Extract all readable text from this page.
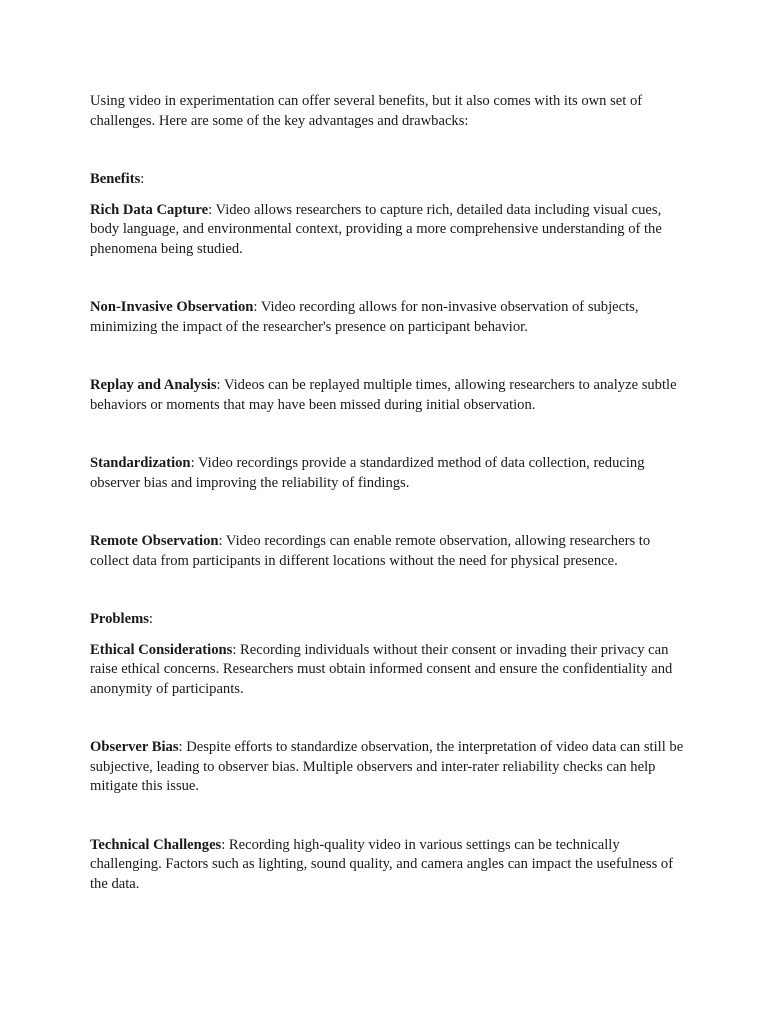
Using video in experimentation can offer several benefits, but it also comes with its own set of challenges. Here are some of the key advantages and drawbacks:

Benefits:

Rich Data Capture: Video allows researchers to capture rich, detailed data including visual cues, body language, and environmental context, providing a more comprehensive understanding of the phenomena being studied.

Non-Invasive Observation: Video recording allows for non-invasive observation of subjects, minimizing the impact of the researcher's presence on participant behavior.

Replay and Analysis: Videos can be replayed multiple times, allowing researchers to analyze subtle behaviors or moments that may have been missed during initial observation.

Standardization: Video recordings provide a standardized method of data collection, reducing observer bias and improving the reliability of findings.

Remote Observation: Video recordings can enable remote observation, allowing researchers to collect data from participants in different locations without the need for physical presence.

Problems:

Ethical Considerations: Recording individuals without their consent or invading their privacy can raise ethical concerns. Researchers must obtain informed consent and ensure the confidentiality and anonymity of participants.

Observer Bias: Despite efforts to standardize observation, the interpretation of video data can still be subjective, leading to observer bias. Multiple observers and inter-rater reliability checks can help mitigate this issue.

Technical Challenges: Recording high-quality video in various settings can be technically challenging. Factors such as lighting, sound quality, and camera angles can impact the usefulness of the data.
